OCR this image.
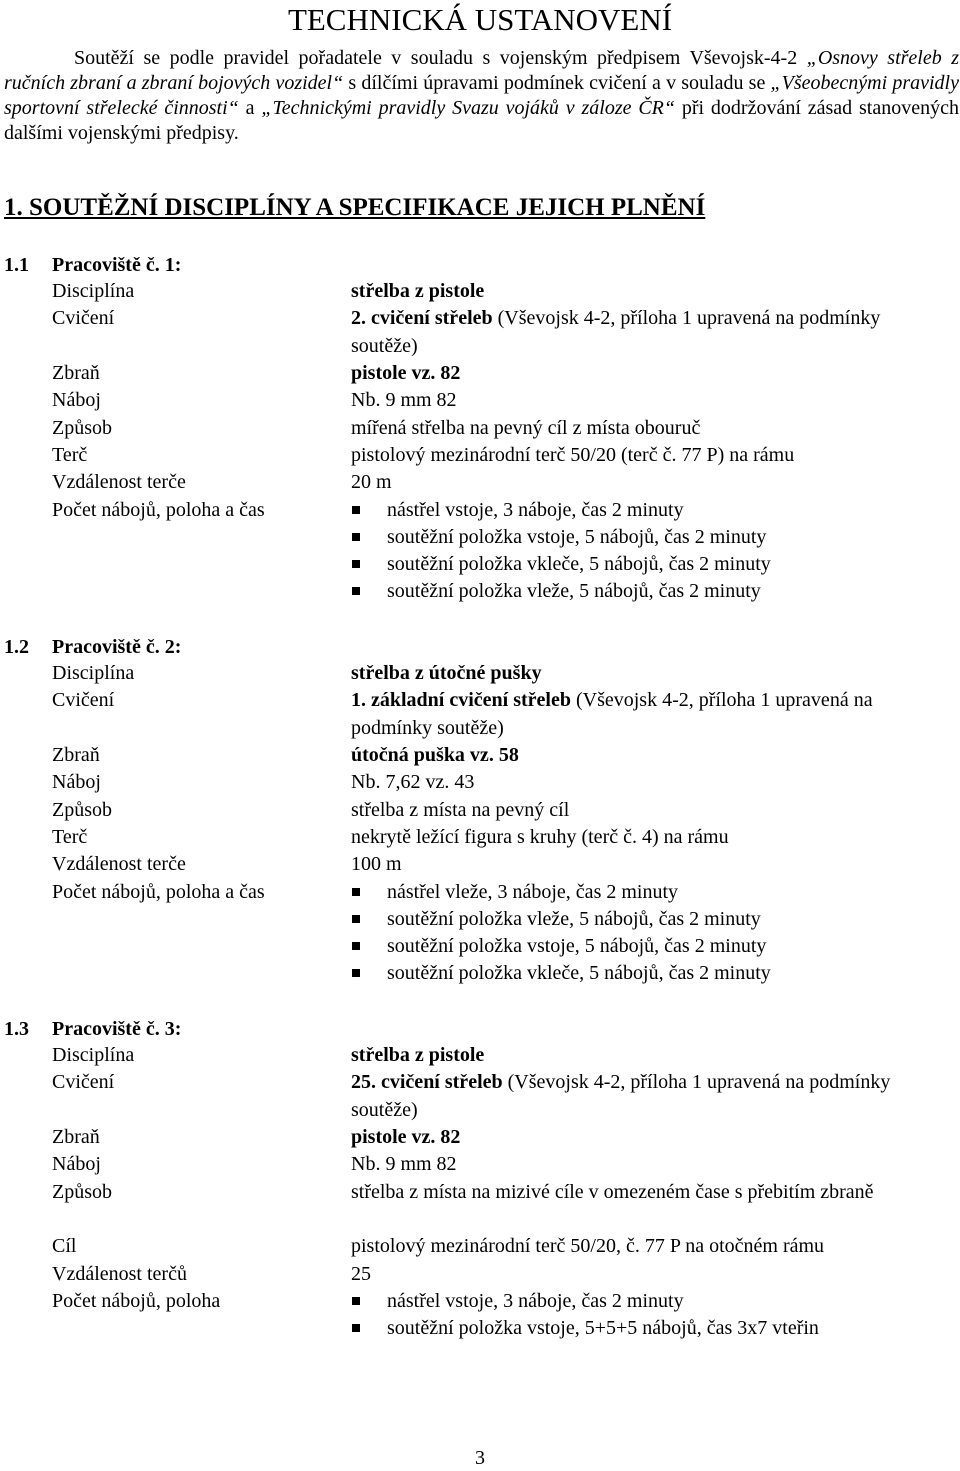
TECHNICKÁ USTANOVENÍ

Soutěží se podle pravidel pořadatele v souladu s vojenským předpisem Vševojsk-4-2 „Osnovy střeleb z ručních zbraní a zbraní bojových vozidel“ s dílčími úpravami podmínek cvičení a v souladu se „Všeobecnými pravidly sportovní střelecké činnosti“ a „Technickými pravidly Svazu vojáků v záloze ČR“ při dodržování zásad stanovených dalšími vojenskými předpisy.

1. SOUTĚŽNÍ DISCIPLÍNY A SPECIFIKACE JEJICH PLNĚNÍ
1.1 Pracoviště č. 1:
Disciplína	střelba z pistole
Cvičení	2. cvičení střeleb (Vševojsk 4-2, příloha 1 upravená na podmínky soutěže)
Zbraň	pistole vz. 82
Náboj	Nb. 9 mm 82
Způsob	mířená střelba na pevný cíl z místa obouruč
Terč	pistolový mezinárodní terč 50/20 (terč č. 77 P) na rámu
Vzdálenost terče	20 m
Počet nábojů, poloha a čas	nástřel vstoje, 3 náboje, čas 2 minuty
soutěžní položka vstoje, 5 nábojů, čas 2 minuty
soutěžní položka vkleče, 5 nábojů, čas 2 minuty
soutěžní položka vleže, 5 nábojů, čas 2 minuty
1.2 Pracoviště č. 2:
Disciplína	střelba z útočné pušky
Cvičení	1. základní cvičení střeleb (Vševojsk 4-2, příloha 1 upravená na podmínky soutěže)
Zbraň	útočná puška vz. 58
Náboj	Nb. 7,62 vz. 43
Způsob	střelba z místa na pevný cíl
Terč	nekrytě ležící figura s kruhy (terč č. 4) na rámu
Vzdálenost terče	100 m
Počet nábojů, poloha a čas	nástřel vleže, 3 náboje, čas 2 minuty
soutěžní položka vleže, 5 nábojů, čas 2 minuty
soutěžní položka vstoje, 5 nábojů, čas 2 minuty
soutěžní položka vkleče, 5 nábojů, čas 2 minuty
1.3 Pracoviště č. 3:
Disciplína	střelba z pistole
Cvičení	25. cvičení střeleb (Vševojsk 4-2, příloha 1 upravená na podmínky soutěže)
Zbraň	pistole vz. 82
Náboj	Nb. 9 mm 82
Způsob	střelba z místa na mizivé cíle v omezeném čase s přebitím zbraně
Cíl	pistolový mezinárodní terč 50/20, č. 77 P na otočném rámu
Vzdálenost terčů	25
Počet nábojů, poloha	nástřel vstoje, 3 náboje, čas 2 minuty
soutěžní položka vstoje, 5+5+5 nábojů, čas 3x7 vteřin
3
